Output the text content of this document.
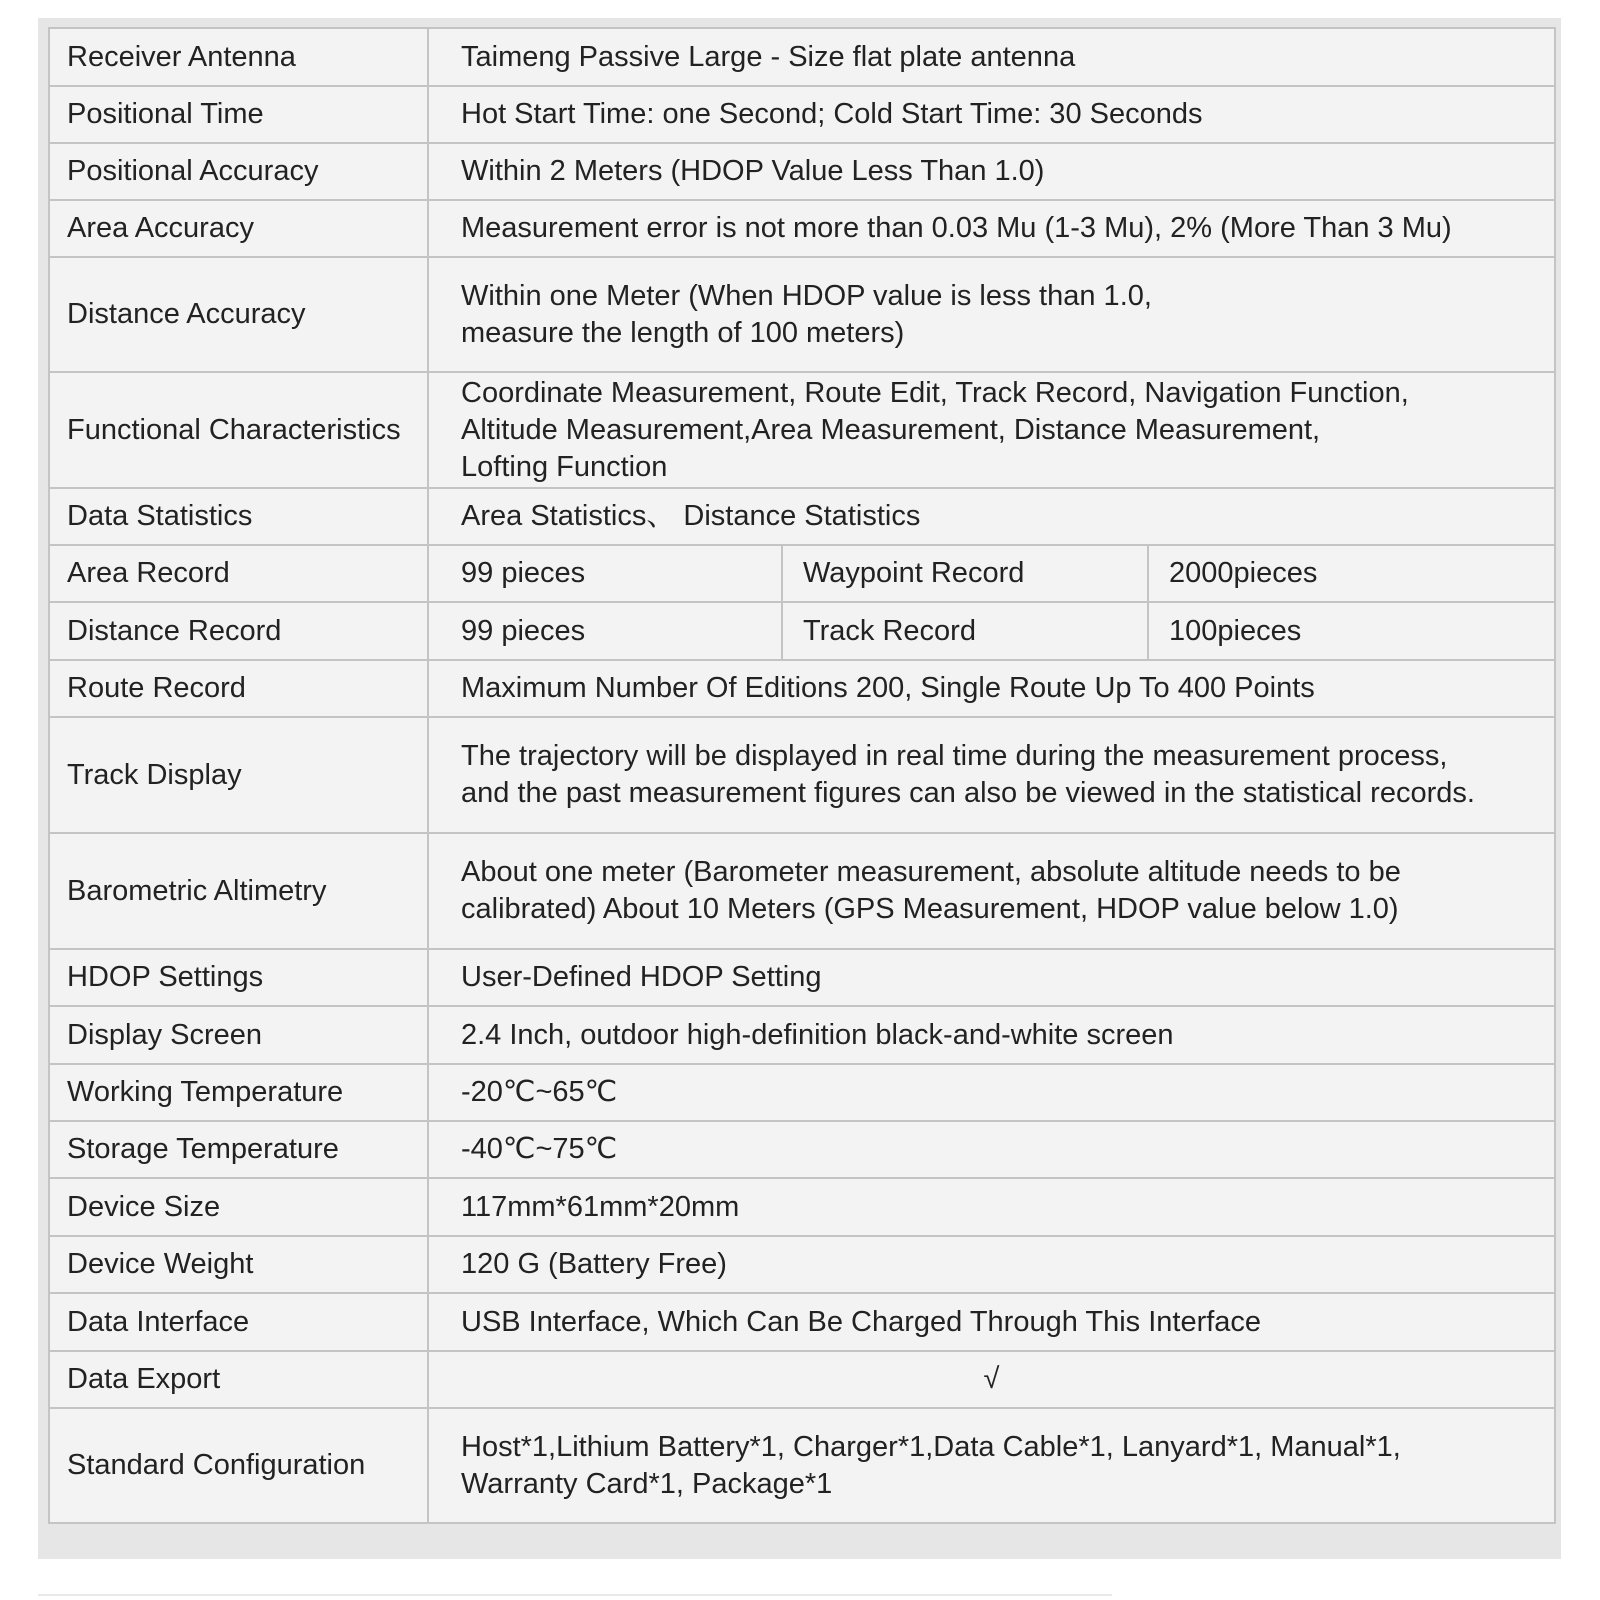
Receiver Antenna	Taimeng Passive Large - Size flat plate antenna		
Positional Time	Hot Start Time: one Second; Cold Start Time: 30 Seconds		
Positional Accuracy	Within 2 Meters (HDOP Value Less Than 1.0)		
Area Accuracy	Measurement error is not more than 0.03 Mu (1-3 Mu), 2% (More Than 3 Mu)		
Distance Accuracy	Within one Meter (When HDOP value is less than 1.0,
measure the length of 100 meters)		

Functional Characteristics	Coordinate Measurement, Route Edit, Track Record, Navigation Function,
Altitude Measurement,Area Measurement, Distance Measurement,
Lofting Function		

Data Statistics	Area Statistics、 Distance Statistics		
Area Record	99 pieces	Waypoint Record	2000pieces
Distance Record	99 pieces	Track Record	100pieces
Route Record	Maximum Number Of Editions 200, Single Route Up To 400 Points		
Track Display	The trajectory will be displayed in real time during the measurement process,
and the past measurement figures can also be viewed in the statistical records.		

Barometric Altimetry	About one meter (Barometer measurement, absolute altitude needs to be
calibrated) About 10 Meters (GPS Measurement, HDOP value below 1.0)		

HDOP Settings	User-Defined HDOP Setting		
Display Screen	2.4 Inch, outdoor high-definition black-and-white screen		
Working Temperature	-20℃~65℃		
Storage Temperature	-40℃~75℃		
Device Size	117mm*61mm*20mm		
Device Weight	120 G (Battery Free)		
Data Interface	USB Interface, Which Can Be Charged Through This Interface		
Data Export	√		
Standard Configuration	Host*1,Lithium Battery*1, Charger*1,Data Cable*1, Lanyard*1, Manual*1,
Warranty Card*1, Package*1		
